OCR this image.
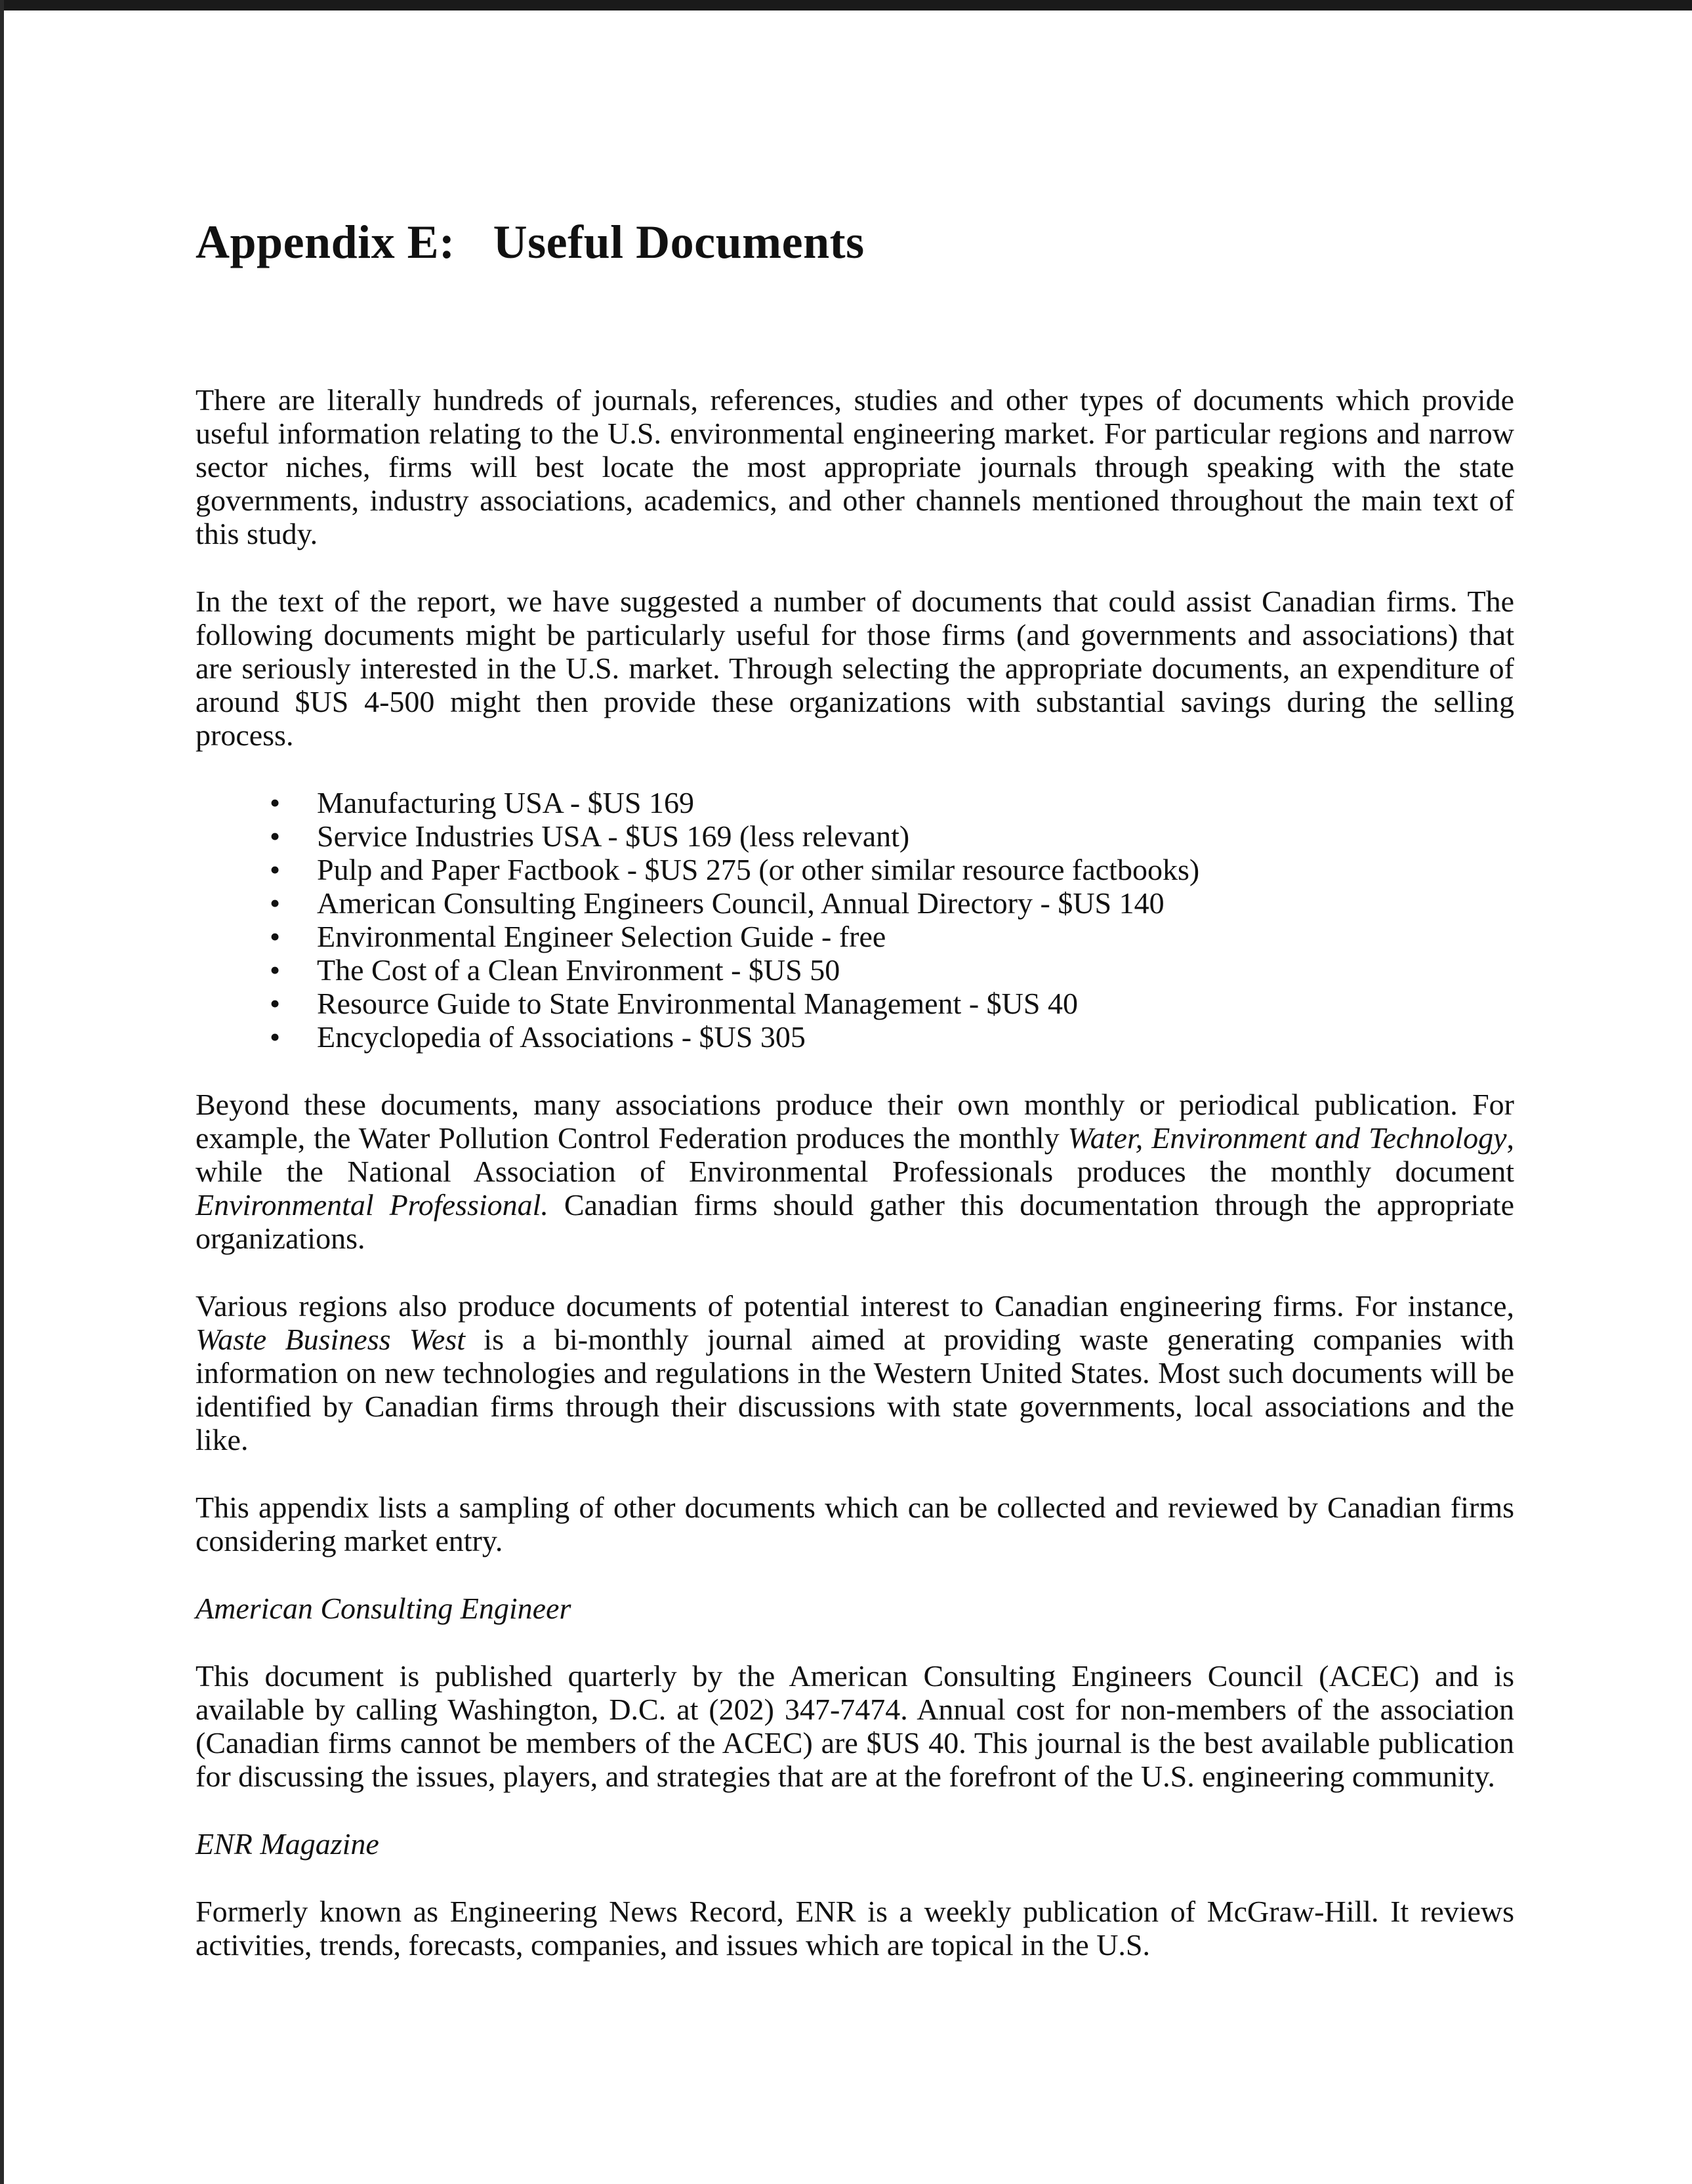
Appendix E: Useful Documents

There are literally hundreds of journals, references, studies and other types of documents which provide useful information relating to the U.S. environmental engineering market. For particular regions and narrow sector niches, firms will best locate the most appropriate journals through speaking with the state governments, industry associations, academics, and other channels mentioned throughout the main text of this study.

In the text of the report, we have suggested a number of documents that could assist Canadian firms. The following documents might be particularly useful for those firms (and governments and associations) that are seriously interested in the U.S. market. Through selecting the appropriate documents, an expenditure of around $US 4-500 might then provide these organizations with substantial savings during the selling process.

• Manufacturing USA - $US 169
• Service Industries USA - $US 169 (less relevant)
• Pulp and Paper Factbook - $US 275 (or other similar resource factbooks)
• American Consulting Engineers Council, Annual Directory - $US 140
• Environmental Engineer Selection Guide - free
• The Cost of a Clean Environment - $US 50
• Resource Guide to State Environmental Management - $US 40
• Encyclopedia of Associations - $US 305

Beyond these documents, many associations produce their own monthly or periodical publication. For example, the Water Pollution Control Federation produces the monthly Water, Environment and Technology, while the National Association of Environmental Professionals produces the monthly document Environmental Professional. Canadian firms should gather this documentation through the appropriate organizations.

Various regions also produce documents of potential interest to Canadian engineering firms. For instance, Waste Business West is a bi-monthly journal aimed at providing waste generating companies with information on new technologies and regulations in the Western United States. Most such documents will be identified by Canadian firms through their discussions with state governments, local associations and the like.

This appendix lists a sampling of other documents which can be collected and reviewed by Canadian firms considering market entry.

American Consulting Engineer

This document is published quarterly by the American Consulting Engineers Council (ACEC) and is available by calling Washington, D.C. at (202) 347-7474. Annual cost for non-members of the association (Canadian firms cannot be members of the ACEC) are $US 40. This journal is the best available publication for discussing the issues, players, and strategies that are at the forefront of the U.S. engineering community.

ENR Magazine

Formerly known as Engineering News Record, ENR is a weekly publication of McGraw-Hill. It reviews activities, trends, forecasts, companies, and issues which are topical in the U.S.
